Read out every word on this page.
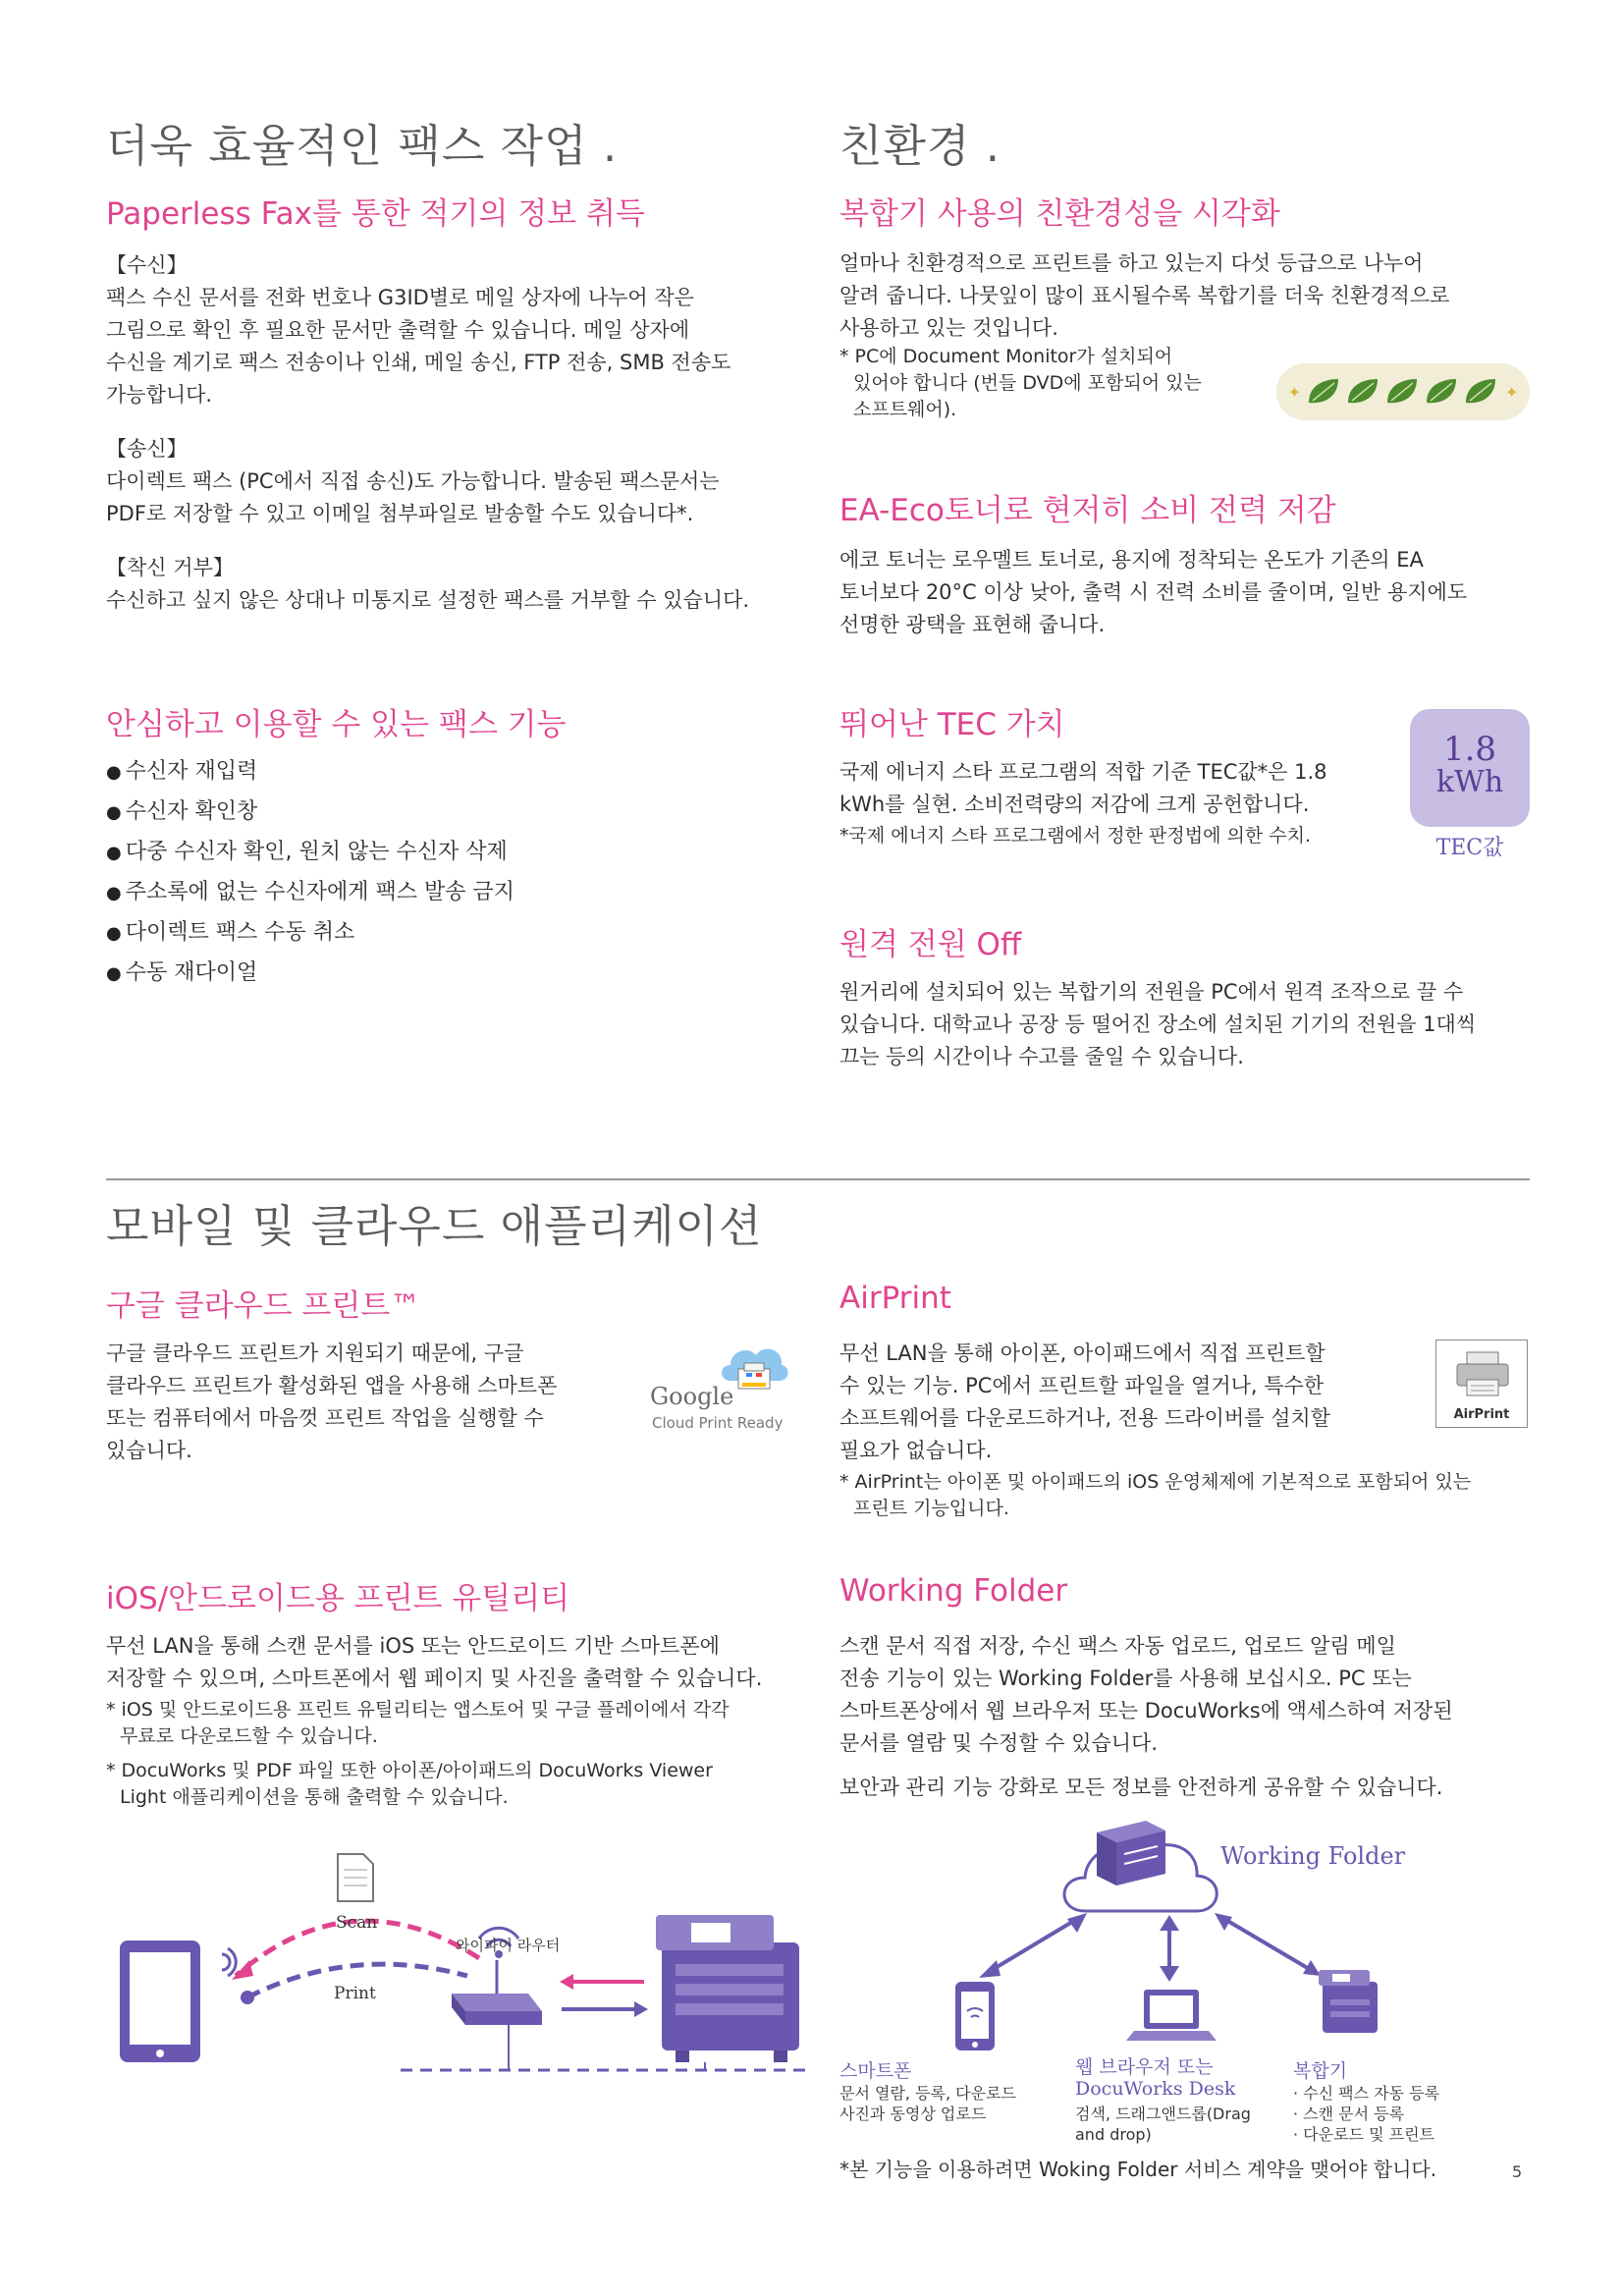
더욱 효율적인 팩스 작업 .
Paperless Fax를 통한 적기의 정보 취득
【수신】
팩스 수신 문서를 전화 번호나 G3ID별로 메일 상자에 나누어 작은
그림으로 확인 후 필요한 문서만 출력할 수 있습니다. 메일 상자에
수신을 계기로 팩스 전송이나 인쇄, 메일 송신, FTP 전송, SMB 전송도
가능합니다.
【송신】
다이렉트 팩스 (PC에서 직접 송신)도 가능합니다. 발송된 팩스문서는
PDF로 저장할 수 있고 이메일 첨부파일로 발송할 수도 있습니다*.
【착신 거부】
수신하고 싶지 않은 상대나 미통지로 설정한 팩스를 거부할 수 있습니다.
안심하고 이용할 수 있는 팩스 기능
● 수신자 재입력
● 수신자 확인창
● 다중 수신자 확인, 원치 않는 수신자 삭제
● 주소록에 없는 수신자에게 팩스 발송 금지
● 다이렉트 팩스 수동 취소
● 수동 재다이얼
친환경 .
복합기 사용의 친환경성을 시각화
얼마나 친환경적으로 프린트를 하고 있는지 다섯 등급으로 나누어
알려 줍니다. 나뭇잎이 많이 표시될수록 복합기를 더욱 친환경적으로
사용하고 있는 것입니다.
* PC에 Document Monitor가 설치되어
있어야 합니다 (번들 DVD에 포함되어 있는
소프트웨어).
✦	✦
EA-Eco토너로 현저히 소비 전력 저감
에코 토너는 로우멜트 토너로, 용지에 정착되는 온도가 기존의 EA
토너보다 20°C 이상 낮아, 출력 시 전력 소비를 줄이며, 일반 용지에도
선명한 광택을 표현해 줍니다.
뛰어난 TEC 가치
국제 에너지 스타 프로그램의 적합 기준 TEC값*은 1.8
kWh를 실현. 소비전력량의 저감에 크게 공헌합니다.
*국제 에너지 스타 프로그램에서 정한 판정법에 의한 수치.
1.8
kWh
TEC값
원격 전원 Off
원거리에 설치되어 있는 복합기의 전원을 PC에서 원격 조작으로 끌 수
있습니다. 대학교나 공장 등 떨어진 장소에 설치된 기기의 전원을 1대씩
끄는 등의 시간이나 수고를 줄일 수 있습니다.
모바일 및 클라우드 애플리케이션
구글 클라우드 프린트™
구글 클라우드 프린트가 지원되기 때문에, 구글
클라우드 프린트가 활성화된 앱을 사용해 스마트폰
또는 컴퓨터에서 마음껏 프린트 작업을 실행할 수
있습니다.
Google
Cloud Print Ready
AirPrint
무선 LAN을 통해 아이폰, 아이패드에서 직접 프린트할
수 있는 기능. PC에서 프린트할 파일을 열거나, 특수한
소프트웨어를 다운로드하거나, 전용 드라이버를 설치할
필요가 없습니다.
* AirPrint는 아이폰 및 아이패드의 iOS 운영체제에 기본적으로 포함되어 있는
프린트 기능입니다.
AirPrint
iOS/안드로이드용 프린트 유틸리티
무선 LAN을 통해 스캔 문서를 iOS 또는 안드로이드 기반 스마트폰에
저장할 수 있으며, 스마트폰에서 웹 페이지 및 사진을 출력할 수 있습니다.
* iOS 및 안드로이드용 프린트 유틸리티는 앱스토어 및 구글 플레이에서 각각
무료로 다운로드할 수 있습니다.
* DocuWorks 및 PDF 파일 또한 아이폰/아이패드의 DocuWorks Viewer
Light 애플리케이션을 통해 출력할 수 있습니다.
Scan
Print
와이파이 라우터
Working Folder
스캔 문서 직접 저장, 수신 팩스 자동 업로드, 업로드 알림 메일
전송 기능이 있는 Working Folder를 사용해 보십시오. PC 또는
스마트폰상에서 웹 브라우저 또는 DocuWorks에 액세스하여 저장된
문서를 열람 및 수정할 수 있습니다.
보안과 관리 기능 강화로 모든 정보를 안전하게 공유할 수 있습니다.
Working Folder
스마트폰
문서 열람, 등록, 다운로드
사진과 동영상 업로드
웹 브라우저 또는
DocuWorks Desk
검색, 드래그앤드롭(Drag
and drop)
복합기
· 수신 팩스 자동 등록
· 스캔 문서 등록
· 다운로드 및 프린트
*본 기능을 이용하려면 Woking Folder 서비스 계약을 맺어야 합니다.	5
